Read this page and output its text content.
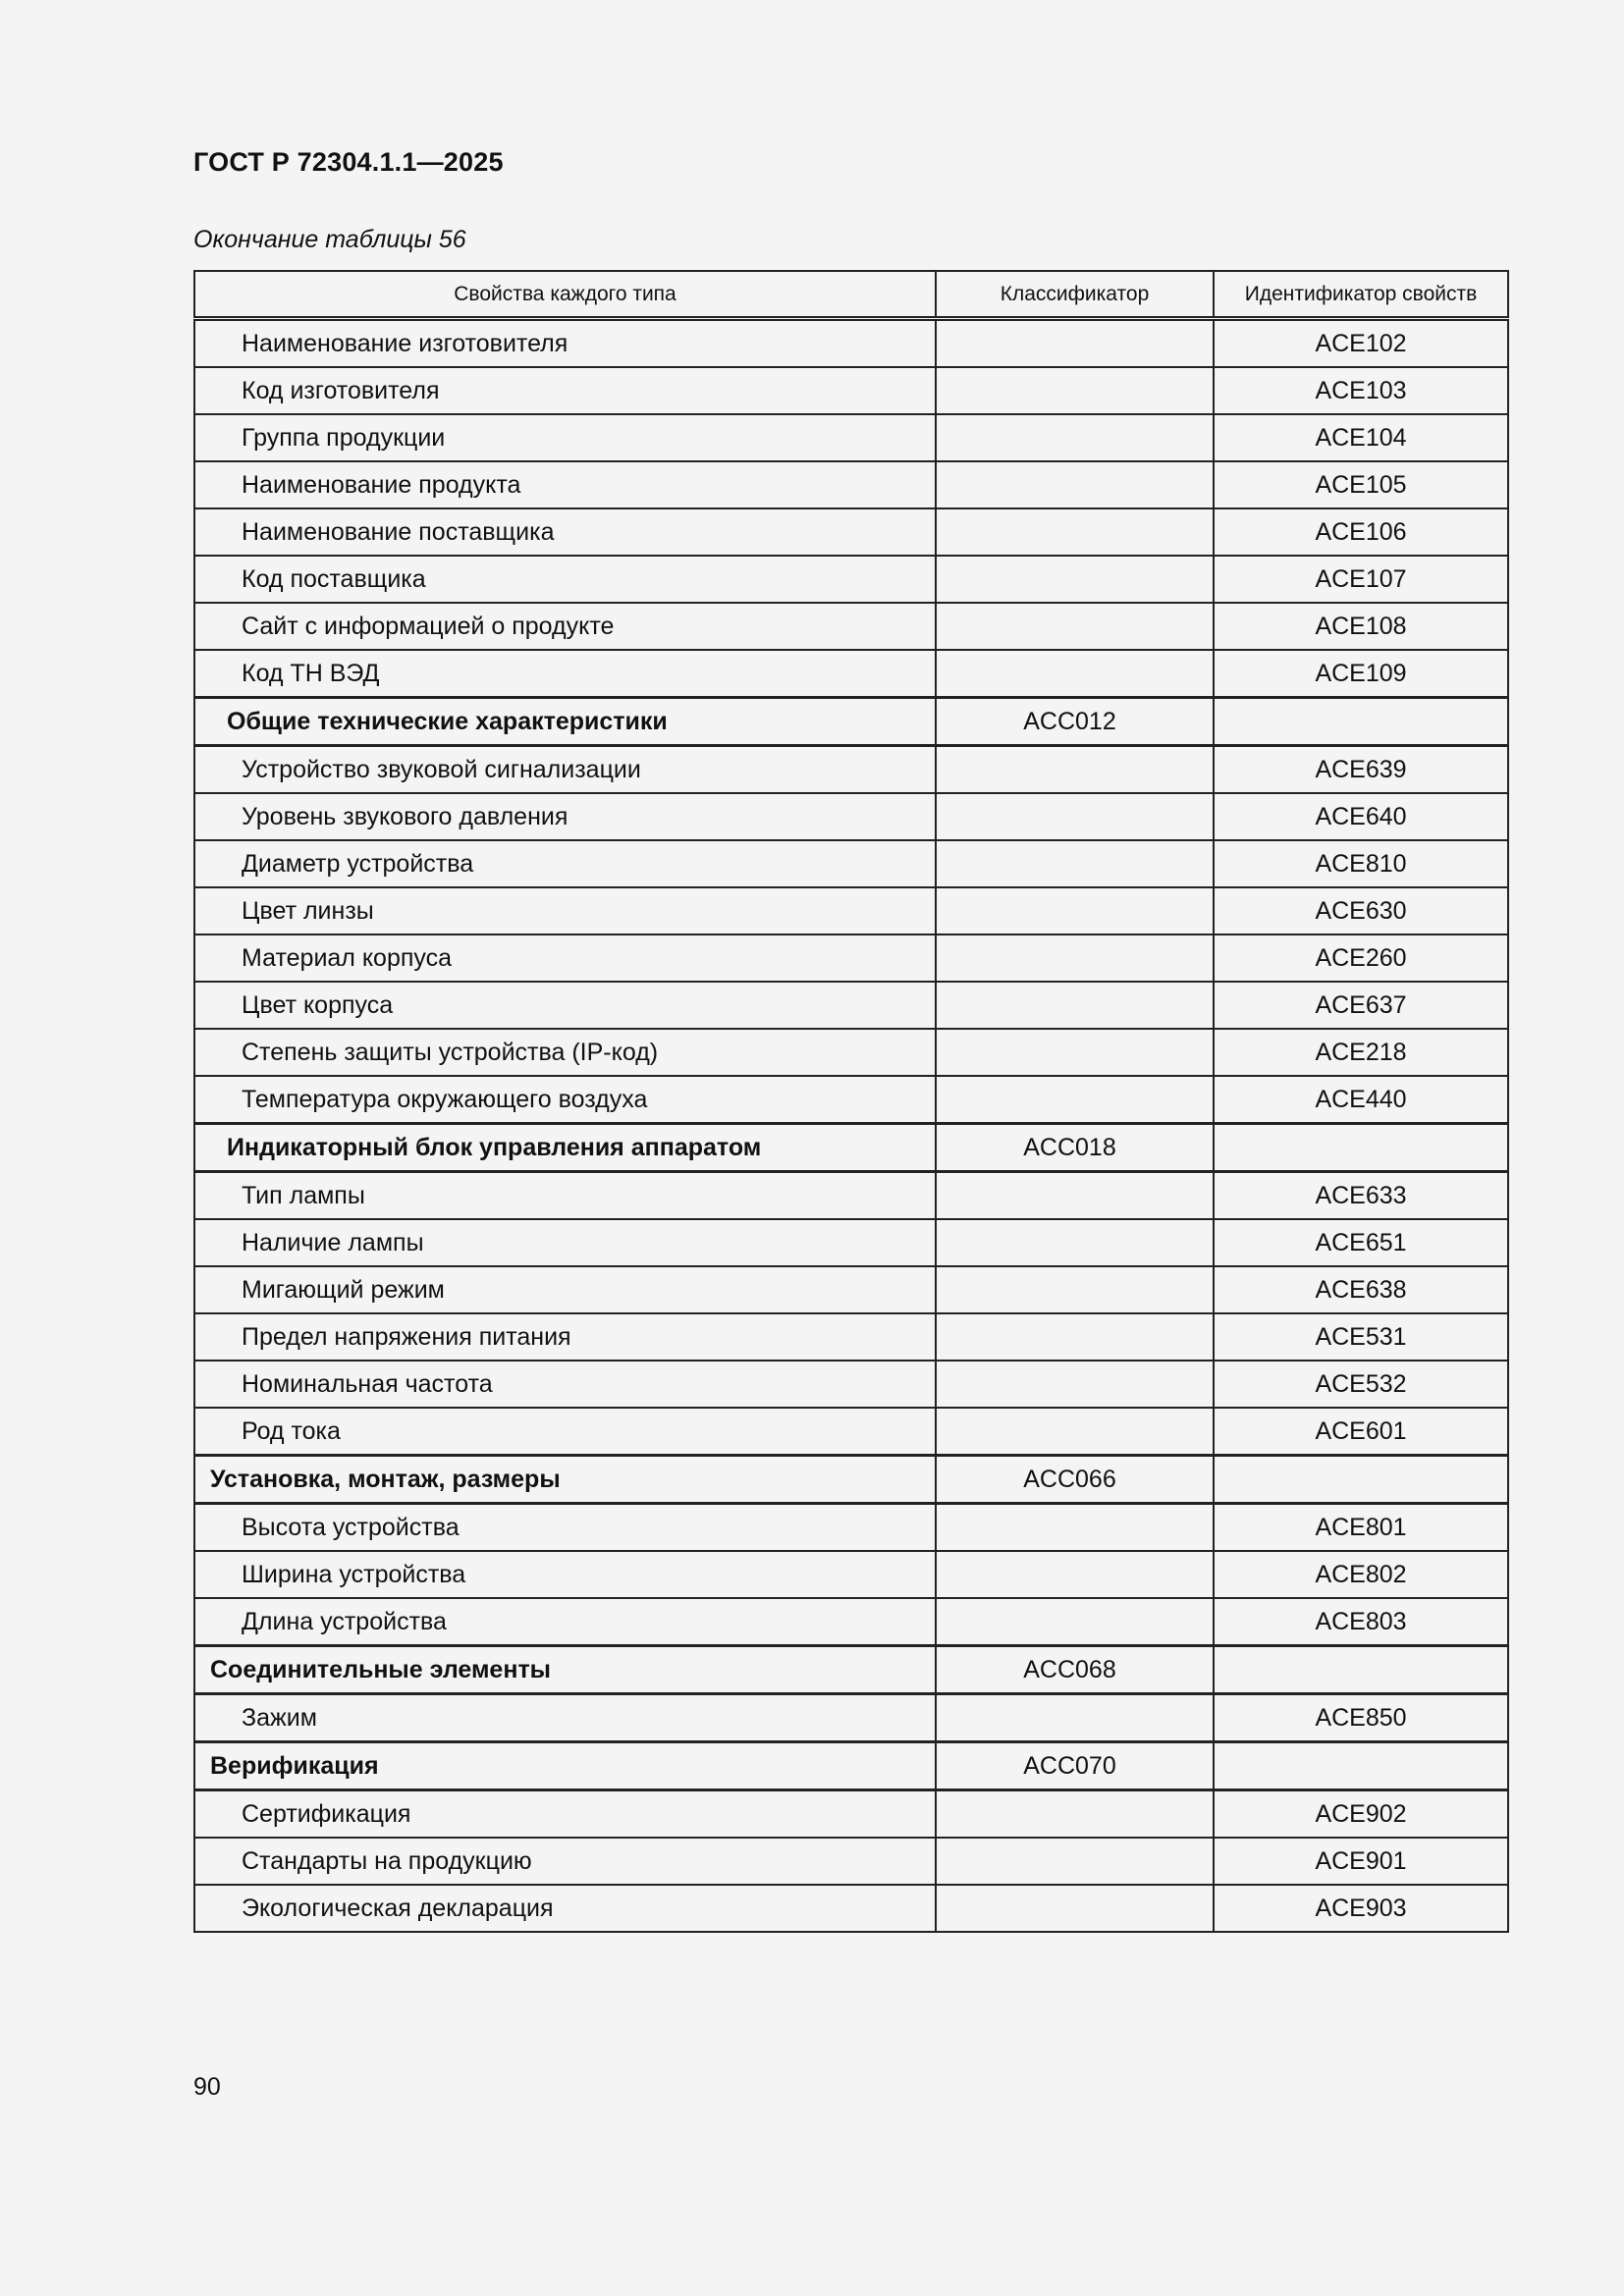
ГОСТ Р 72304.1.1—2025
Окончание таблицы 56
Свойства каждого типа	Классификатор	Идентификатор свойств
Наименование изготовителя		ACE102
Код изготовителя		ACE103
Группа продукции		ACE104
Наименование продукта		ACE105
Наименование поставщика		ACE106
Код поставщика		ACE107
Сайт с информацией о продукте		ACE108
Код ТН ВЭД		ACE109
Общие технические характеристики	ACC012	
Устройство звуковой сигнализации		ACE639
Уровень звукового давления		ACE640
Диаметр устройства		ACE810
Цвет линзы		ACE630
Материал корпуса		ACE260
Цвет корпуса		ACE637
Степень защиты устройства (IP-код)		ACE218
Температура окружающего воздуха		ACE440
Индикаторный блок управления аппаратом	ACC018	
Тип лампы		ACE633
Наличие лампы		ACE651
Мигающий режим		ACE638
Предел напряжения питания		ACE531
Номинальная частота		ACE532
Род тока		ACE601
Установка, монтаж, размеры	ACC066	
Высота устройства		ACE801
Ширина устройства		ACE802
Длина устройства		ACE803
Соединительные элементы	ACC068	
Зажим		ACE850
Верификация	ACC070	
Сертификация		ACE902
Стандарты на продукцию		ACE901
Экологическая декларация		ACE903
90
